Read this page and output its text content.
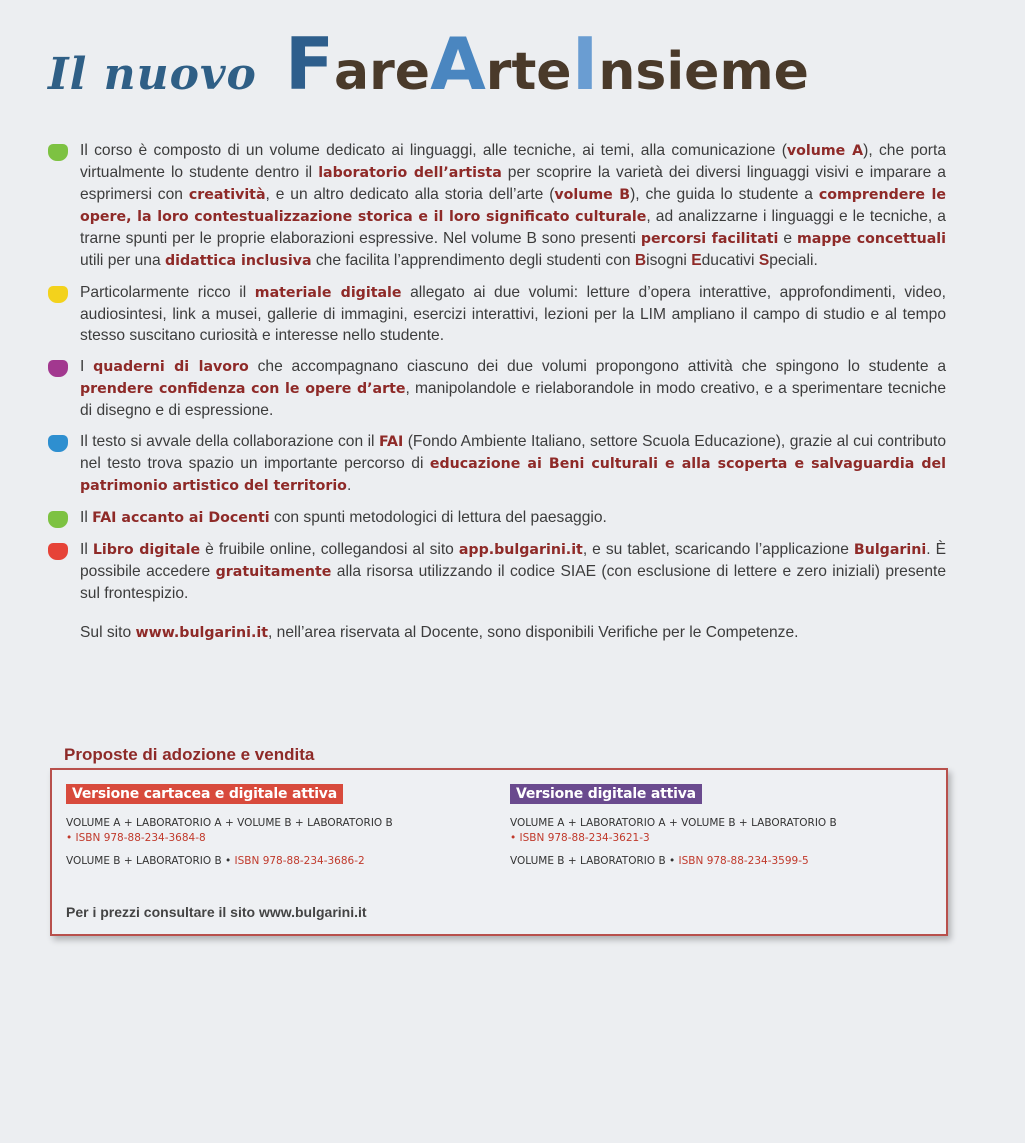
Il nuovo FareArteInsieme
Il corso è composto di un volume dedicato ai linguaggi, alle tecniche, ai temi, alla comunicazione (volume A), che porta virtualmente lo studente dentro il laboratorio dell’artista per scoprire la varietà dei diversi linguaggi visivi e imparare a esprimersi con creatività, e un altro dedicato alla storia dell’arte (volume B), che guida lo studente a comprendere le opere, la loro contestualizzazione storica e il loro significato culturale, ad analizzarne i linguaggi e le tecniche, a trarne spunti per le proprie elaborazioni espressive. Nel volume B sono presenti percorsi facilitati e mappe concettuali utili per una didattica inclusiva che facilita l’apprendimento degli studenti con Bisogni Educativi Speciali.
Particolarmente ricco il materiale digitale allegato ai due volumi: letture d’opera interattive, approfondimenti, video, audiosintesi, link a musei, gallerie di immagini, esercizi interattivi, lezioni per la LIM ampliano il campo di studio e al tempo stesso suscitano curiosità e interesse nello studente.
I quaderni di lavoro che accompagnano ciascuno dei due volumi propongono attività che spingono lo studente a prendere confidenza con le opere d’arte, manipolandole e rielaborandole in modo creativo, e a sperimentare tecniche di disegno e di espressione.
Il testo si avvale della collaborazione con il FAI (Fondo Ambiente Italiano, settore Scuola Educazione), grazie al cui contributo nel testo trova spazio un importante percorso di educazione ai Beni culturali e alla scoperta e salvaguardia del patrimonio artistico del territorio.
Il FAI accanto ai Docenti con spunti metodologici di lettura del paesaggio.
Il Libro digitale è fruibile online, collegandosi al sito app.bulgarini.it, e su tablet, scaricando l’applicazione Bulgarini. È possibile accedere gratuitamente alla risorsa utilizzando il codice SIAE (con esclusione di lettere e zero iniziali) presente sul frontespizio.
Sul sito www.bulgarini.it, nell’area riservata al Docente, sono disponibili Verifiche per le Competenze.
Proposte di adozione e vendita
Versione cartacea e digitale attiva
VOLUME A + LABORATORIO A + VOLUME B + LABORATORIO B
• ISBN 978-88-234-3684-8
VOLUME B + LABORATORIO B • ISBN 978-88-234-3686-2
Versione digitale attiva
VOLUME A + LABORATORIO A + VOLUME B + LABORATORIO B
• ISBN 978-88-234-3621-3
VOLUME B + LABORATORIO B • ISBN 978-88-234-3599-5
Per i prezzi consultare il sito www.bulgarini.it
